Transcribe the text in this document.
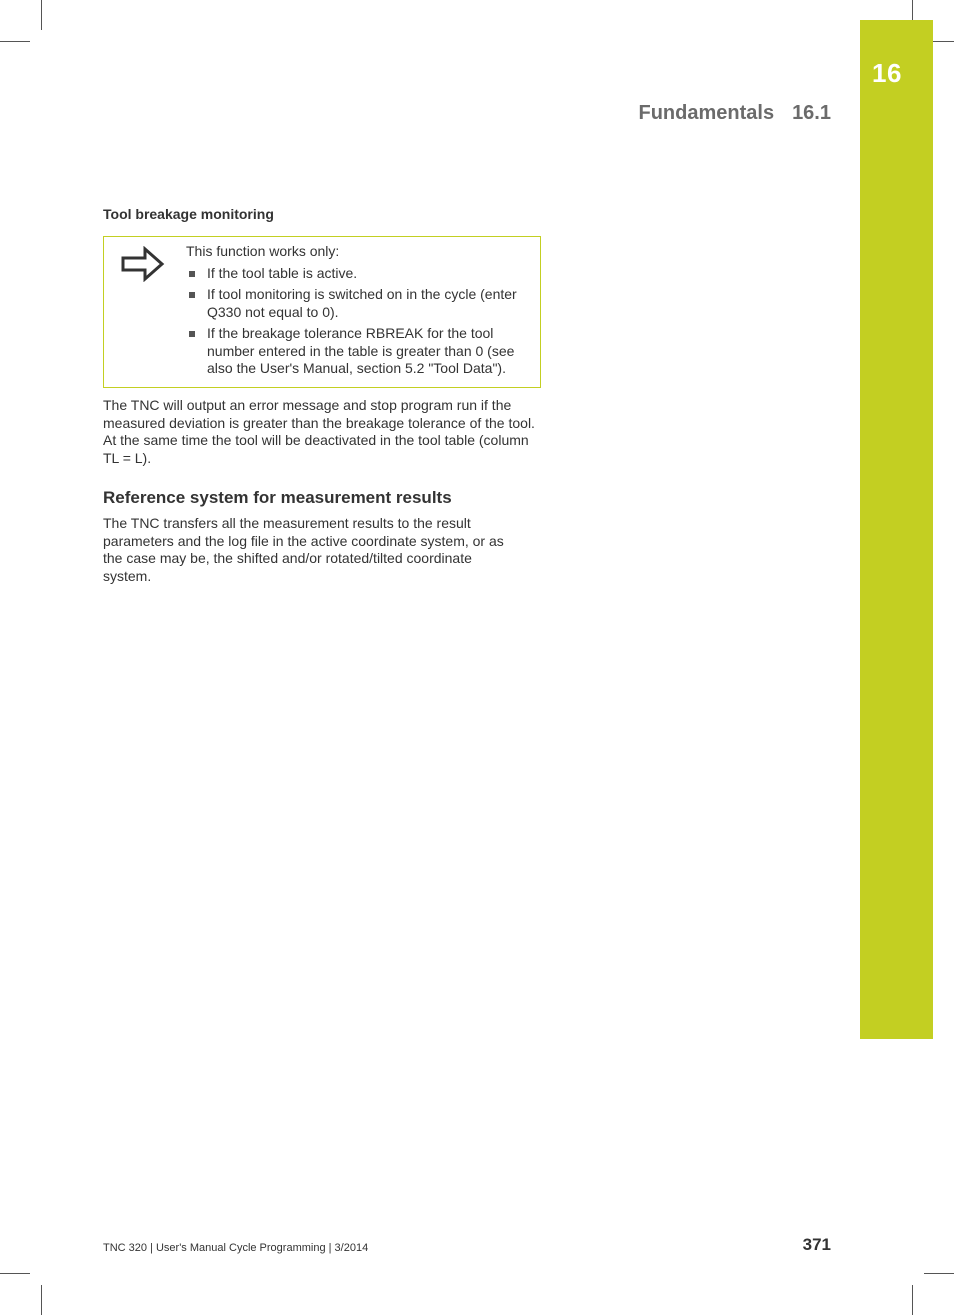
16
Fundamentals 16.1
Tool breakage monitoring
This function works only:
If the tool table is active.
If tool monitoring is switched on in the cycle (enter Q330 not equal to 0).
If the breakage tolerance RBREAK for the tool number entered in the table is greater than 0 (see also the User's Manual, section 5.2 "Tool Data").
The TNC will output an error message and stop program run if the measured deviation is greater than the breakage tolerance of the tool. At the same time the tool will be deactivated in the tool table (column TL = L).
Reference system for measurement results
The TNC transfers all the measurement results to the result parameters and the log file in the active coordinate system, or as the case may be, the shifted and/or rotated/tilted coordinate system.
TNC 320 | User's Manual Cycle Programming | 3/2014	371
